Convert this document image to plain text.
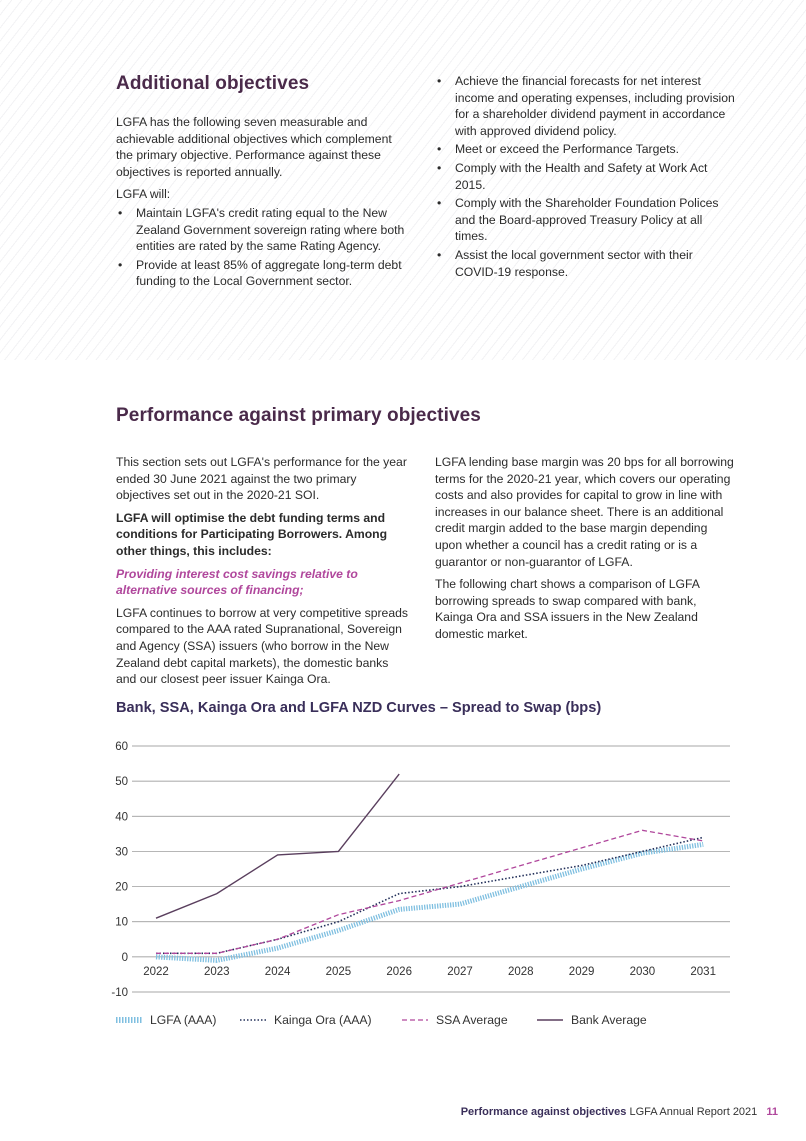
Additional objectives

LGFA has the following seven measurable and achievable additional objectives which complement the primary objective. Performance against these objectives is reported annually.

LGFA will:

• Maintain LGFA's credit rating equal to the New Zealand Government sovereign rating where both entities are rated by the same Rating Agency.
• Provide at least 85% of aggregate long-term debt funding to the Local Government sector.
• Achieve the financial forecasts for net interest income and operating expenses, including provision for a shareholder dividend payment in accordance with approved dividend policy.
• Meet or exceed the Performance Targets.
• Comply with the Health and Safety at Work Act 2015.
• Comply with the Shareholder Foundation Polices and the Board-approved Treasury Policy at all times.
• Assist the local government sector with their COVID-19 response.
Performance against primary objectives

This section sets out LGFA's performance for the year ended 30 June 2021 against the two primary objectives set out in the 2020-21 SOI.

LGFA will optimise the debt funding terms and conditions for Participating Borrowers. Among other things, this includes:

Providing interest cost savings relative to alternative sources of financing;

LGFA continues to borrow at very competitive spreads compared to the AAA rated Supranational, Sovereign and Agency (SSA) issuers (who borrow in the New Zealand debt capital markets), the domestic banks and our closest peer issuer Kainga Ora.

LGFA lending base margin was 20 bps for all borrowing terms for the 2020-21 year, which covers our operating costs and also provides for capital to grow in line with increases in our balance sheet. There is an additional credit margin added to the base margin depending upon whether a council has a credit rating or is a guarantor or non-guarantor of LGFA.

The following chart shows a comparison of LGFA borrowing spreads to swap compared with bank, Kainga Ora and SSA issuers in the New Zealand domestic market.

Bank, SSA, Kainga Ora and LGFA NZD Curves – Spread to Swap (bps)
60
50
40
30
20
10
0
-10
2022	2023	2024	2025	2026	2027	2028	2029	2030	2031
LGFA (AAA)	Kainga Ora (AAA)	SSA Average	Bank Average
Performance against objectives LGFA Annual Report 2021 11
